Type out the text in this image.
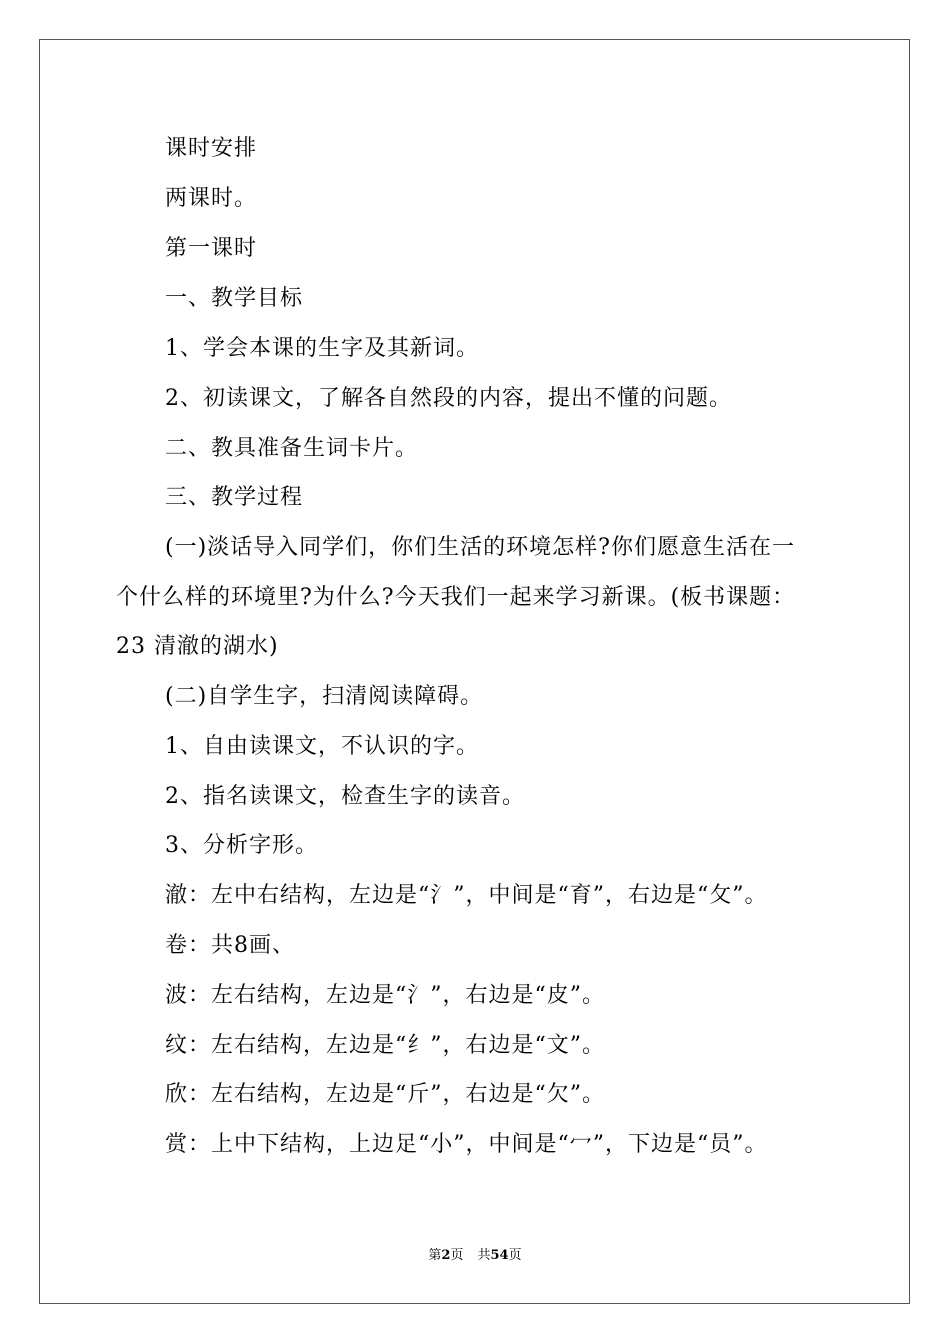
课时安排
两课时。
第一课时
一、教学目标
1、学会本课的生字及其新词。
2、初读课文，了解各自然段的内容，提出不懂的问题。
二、教具准备生词卡片。
三、教学过程
(一)淡话导入同学们，你们生活的环境怎样?你们愿意生活在一
个什么样的环境里?为什么?今天我们一起来学习新课。(板书课题：
23 清澈的湖水)
(二)自学生字，扫清阅读障碍。
1、自由读课文，不认识的字。
2、指名读课文，检查生字的读音。
3、分析字形。
澈：左中右结构，左边是“氵”，中间是“育”，右边是“攵”。
卷：共8画、
波：左右结构，左边是“氵”，右边是“皮”。
纹：左右结构，左边是“纟”，右边是“文”。
欣：左右结构，左边是“斤”，右边是“欠”。
赏：上中下结构，上边足“小”，中间是“冖”，下边是“员”。
第2页 共54页
